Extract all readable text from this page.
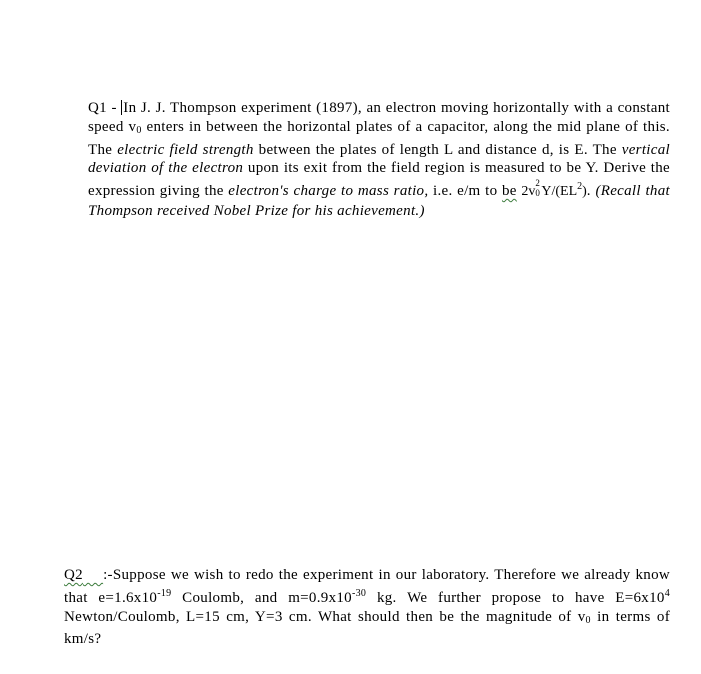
Q1 - In J. J. Thompson experiment (1897), an electron moving horizontally with a constant speed $v_0$ enters in between the horizontal plates of a capacitor, along the mid plane of this. The electric field strength between the plates of length L and distance d, is E. The vertical deviation of the electron upon its exit from the field region is measured to be Y. Derive the expression giving the electron's charge to mass ratio, i.e. e/m to be 2v
2
0 $Y/(EL^2)$. (Recall that Thompson received Nobel Prize for his achievement.)
Q2 :-Suppose we wish to redo the experiment in our laboratory. Therefore we already know that $e=1.6x10^{-19}$ Coulomb, and $m=0.9x10^{-30}$ kg. We further propose to have $E=6x10^4$ Newton/Coulomb, L=15 cm, Y=3 cm. What should then be the magnitude of $v_0$ in terms of km/s?
